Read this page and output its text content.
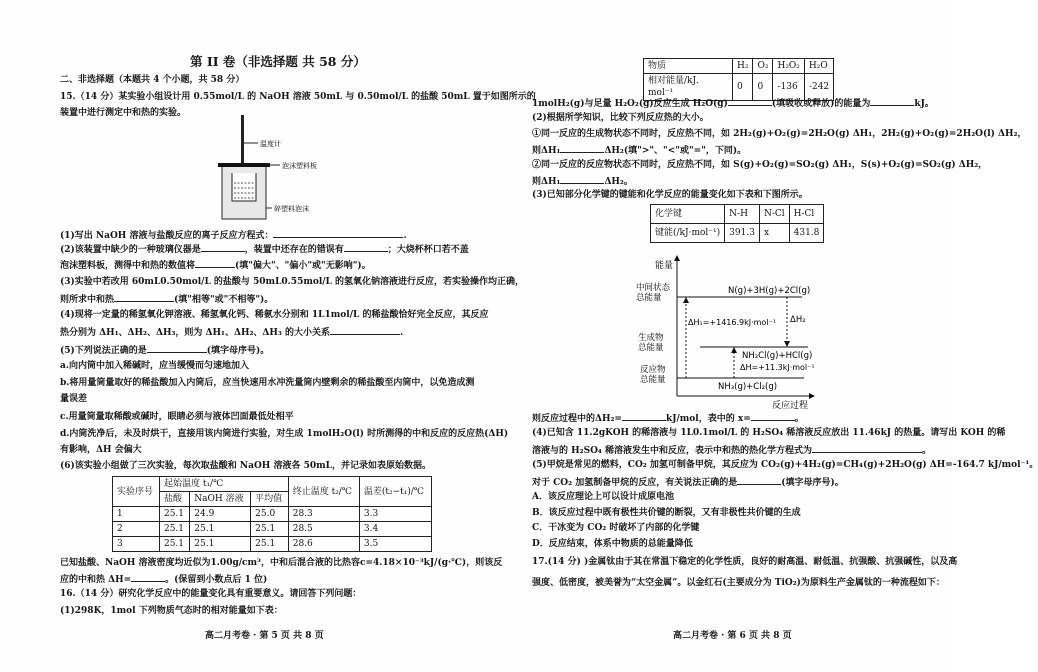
第 II 卷（非选择题 共 58 分）
二、非选择题（本题共 4 个小题，共 58 分）
15.（14 分）某实验小组设计用 0.55mol/L 的 NaOH 溶液 50mL 与 0.50mol/L 的盐酸 50mL 置于如图所示的
装置中进行测定中和热的实验。
温度计
泡沫塑料板
碎塑料泡沫
(1)写出 NaOH 溶液与盐酸反应的离子反应方程式：	.
(2)该装置中缺少的一种玻璃仪器是	，装置中还存在的错误有	；大烧杯杯口若不盖
泡沫塑料板，测得中和热的数值将	(填"偏大"、"偏小"或"无影响")。
(3)实验中若改用 60mL0.50mol/L 的盐酸与 50mL0.55mol/L 的氢氧化钠溶液进行反应，若实验操作均正确，
则所求中和热	(填"相等"或"不相等")。
(4)现将一定量的稀氢氧化钾溶液、稀氢氧化钙、稀氨水分别和 1L1mol/L 的稀盐酸恰好完全反应，其反应
热分别为 ΔH₁、ΔH₂、ΔH₃，则为 ΔH₁、ΔH₂、ΔH₃ 的大小关系	.
(5)下列说法正确的是	(填字母序号)。
a.向内筒中加入稀碱时，应当缓慢而匀速地加入
b.将用量筒量取好的稀盐酸加入内筒后，应当快速用水冲洗量筒内壁剩余的稀盐酸至内筒中，以免造成测
量误差
c.用量筒量取稀酸或碱时，眼睛必须与液体凹面最低处相平
d.内筒洗净后，未及时烘干，直接用该内筒进行实验，对生成 1molH₂O(l) 时所测得的中和反应的反应热(ΔH)
有影响，ΔH 会偏大
(6)该实验小组做了三次实验，每次取盐酸和 NaOH 溶液各 50mL，并记录如表原始数据。
实验序号	起始温度 t₁/℃			终止温度 t₂/℃	温差(t₂−t₁)/℃
	盐酸	NaOH 溶液	平均值		
1	25.1	24.9	25.0	28.3	3.3
2	25.1	25.1	25.1	28.5	3.4
3	25.1	25.1	25.1	28.6	3.5
已知盐酸、NaOH 溶液密度均近似为1.00g/cm³，中和后混合液的比热容c=4.18×10⁻³kJ/(g·℃)，则该反
应的中和热 ΔH=	。(保留到小数点后 1 位)
16.（14 分）研究化学反应中的能量变化具有重要意义。请回答下列问题：
(1)298K，1mol 下列物质气态时的相对能量如下表：
高二月考卷 · 第 5 页 共 8 页
物质	H₂	O₂	H₂O₂	H₂O
相对能量/kJ．mol⁻¹	0	0	-136	-242
1molH₂(g)与足量 H₂O₂(g)反应生成 H₂O(g)	(填吸收或释放)的能量为	kJ。
(2)根据所学知识，比较下列反应热的大小。
①同一反应的生成物状态不同时，反应热不同，如 2H₂(g)+O₂(g)=2H₂O(g) ΔH₁，2H₂(g)+O₂(g)=2H₂O(l) ΔH₂，
则ΔH₁	ΔH₂(填">"、"<"或"="，下同)。
②同一反应的反应物状态不同时，反应热不同，如 S(g)+O₂(g)=SO₂(g) ΔH₁，S(s)+O₂(g)=SO₂(g) ΔH₂，
则ΔH₁	ΔH₂。
(3)已知部分化学键的键能和化学反应的能量变化如下表和下图所示。
化学键	N-H	N-Cl	H-Cl
键能(/kJ·mol⁻¹)	391.3	x	431.8
能量
反应过程
中间状态
总能量
生成物
总能量
反应物
总能量
N(g)+3H(g)+2Cl(g)
NH₂Cl(g)+HCl(g)
NH₃(g)+Cl₂(g)
ΔH₁=+1416.9kJ·mol⁻¹ ΔH₂
ΔH=+11.3kJ·mol⁻¹
则反应过程中的ΔH₂=	kJ/mol，表中的 x=	。
(4)已知含 11.2gKOH 的稀溶液与 1L0.1mol/L 的 H₂SO₄ 稀溶液反应放出 11.46kJ 的热量。请写出 KOH 的稀
溶液与的 H₂SO₄ 稀溶液发生中和反应，表示中和热的热化学方程式为	。
(5)甲烷是常见的燃料，CO₂ 加氢可制备甲烷，其反应为 CO₂(g)+4H₂(g)=CH₄(g)+2H₂O(g) ΔH=-164.7 kJ/mol⁻¹。
对于 CO₂ 加氢制备甲烷的反应，有关说法正确的是	(填字母序号)。
A．该反应理论上可以设计成原电池
B．该反应过程中既有极性共价键的断裂，又有非极性共价键的生成
C．干冰变为 CO₂ 时破坏了内部的化学键
D．反应结束，体系中物质的总能量降低
17.(14 分) )金属钛由于其在常温下稳定的化学性质，良好的耐高温、耐低温、抗强酸、抗强碱性，以及高
强度、低密度，被美誉为“太空金属”。以金红石(主要成分为 TiO₂)为原料生产金属钛的一种流程如下：
高二月考卷 · 第 6 页 共 8 页
